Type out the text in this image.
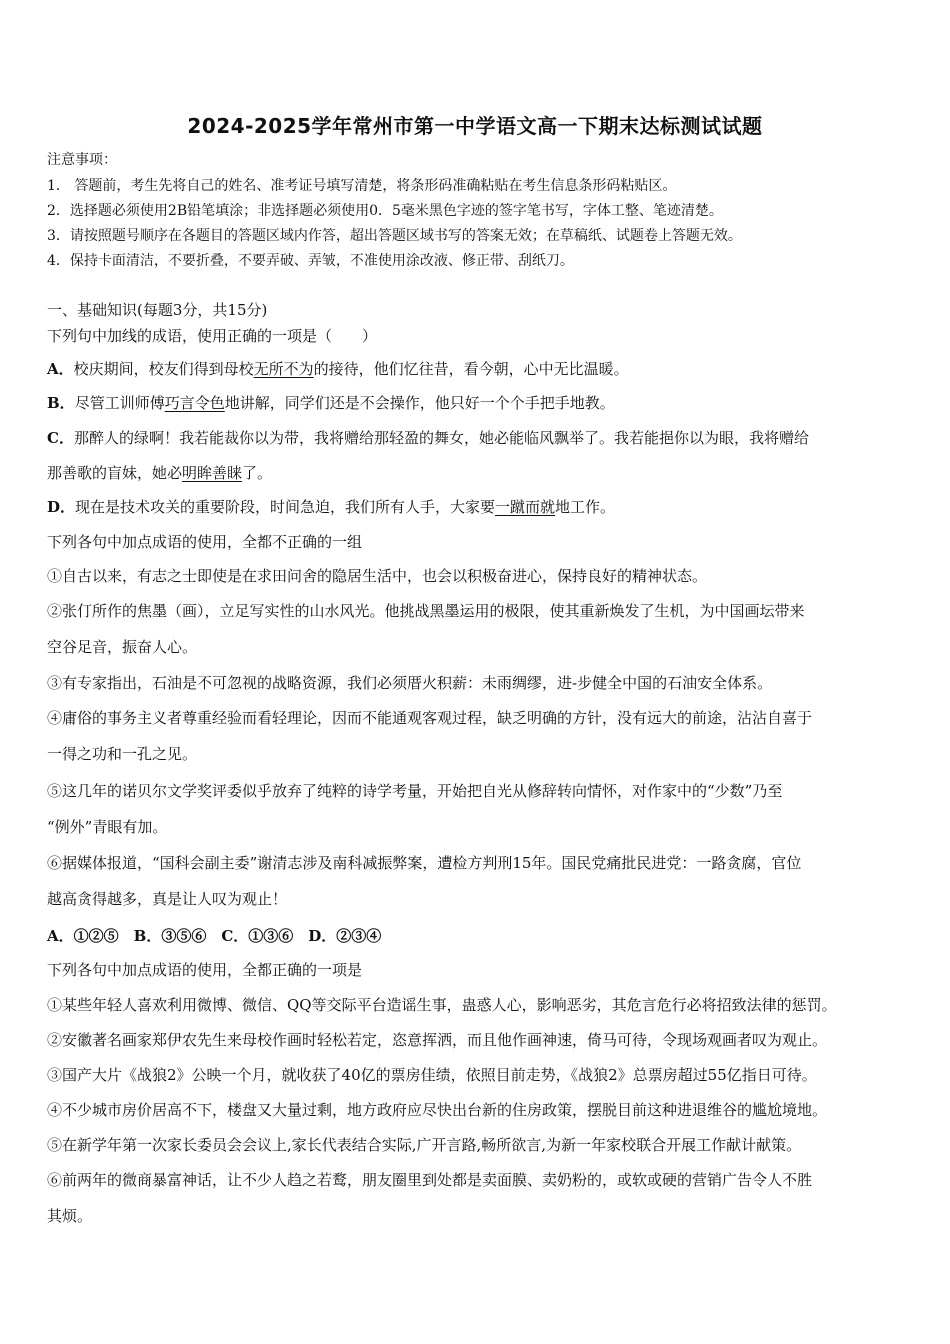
2024-2025学年常州市第一中学语文高一下期末达标测试试题
注意事项：
1.　答题前，考生先将自己的姓名、准考证号填写清楚，将条形码准确粘贴在考生信息条形码粘贴区。
2．选择题必须使用2B铅笔填涂；非选择题必须使用0．5毫米黑色字迹的签字笔书写，字体工整、笔迹清楚。
3．请按照题号顺序在各题目的答题区域内作答，超出答题区域书写的答案无效；在草稿纸、试题卷上答题无效。
4．保持卡面清洁，不要折叠，不要弄破、弄皱，不准使用涂改液、修正带、刮纸刀。
一、基础知识(每题3分，共15分)
下列句中加线的成语，使用正确的一项是（　　）
A．校庆期间，校友们得到母校无所不为的接待，他们忆往昔，看今朝，心中无比温暖。
B．尽管工训师傅巧言令色地讲解，同学们还是不会操作，他只好一个个手把手地教。
C．那醉人的绿啊！我若能裁你以为带，我将赠给那轻盈的舞女，她必能临风飘举了。我若能挹你以为眼，我将赠给
那善歌的盲妹，她必明眸善睐了。
D．现在是技术攻关的重要阶段，时间急迫，我们所有人手，大家要一蹴而就地工作。
下列各句中加点成语的使用，全都不正确的一组
①自古以来，有志之士即使是在求田问舍的隐居生活中，也会以积极奋进心，保持良好的精神状态。
②张仃所作的焦墨（画），立足写实性的山水风光。他挑战黑墨运用的极限，使其重新焕发了生机，为中国画坛带来
空谷足音，振奋人心。
③有专家指出，石油是不可忽视的战略资源，我们必须厝火积薪：未雨绸缪，进-步健全中国的石油安全体系。
④庸俗的事务主义者尊重经验而看轻理论，因而不能通观客观过程，缺乏明确的方针，没有远大的前途，沾沾自喜于
一得之功和一孔之见。
⑤这几年的诺贝尔文学奖评委似乎放弃了纯粹的诗学考量，开始把自光从修辞转向情怀，对作家中的“少数”乃至
“例外”青眼有加。
⑥据媒体报道，“国科会副主委”谢清志涉及南科减振弊案，遭检方判刑15年。国民党痛批民进党：一路贪腐，官位
越高贪得越多，真是让人叹为观止！
A．①②⑤　B．③⑤⑥　C．①③⑥　D．②③④
下列各句中加点成语的使用，全都正确的一项是
①某些年轻人喜欢利用微博、微信、QQ等交际平台造谣生事，蛊惑人心，影响恶劣，其危言危行必将招致法律的惩罚。
②安徽著名画家郑伊农先生来母校作画时轻松若定，恣意挥洒，而且他作画神速，倚马可待，令现场观画者叹为观止。
③国产大片《战狼2》公映一个月，就收获了40亿的票房佳绩，依照目前走势，《战狼2》总票房超过55亿指日可待。
④不少城市房价居高不下，楼盘又大量过剩，地方政府应尽快出台新的住房政策，摆脱目前这种进退维谷的尴尬境地。
⑤在新学年第一次家长委员会会议上,家长代表结合实际,广开言路,畅所欲言,为新一年家校联合开展工作献计献策。
⑥前两年的微商暴富神话，让不少人趋之若鹜，朋友圈里到处都是卖面膜、卖奶粉的，或软或硬的营销广告令人不胜
其烦。
